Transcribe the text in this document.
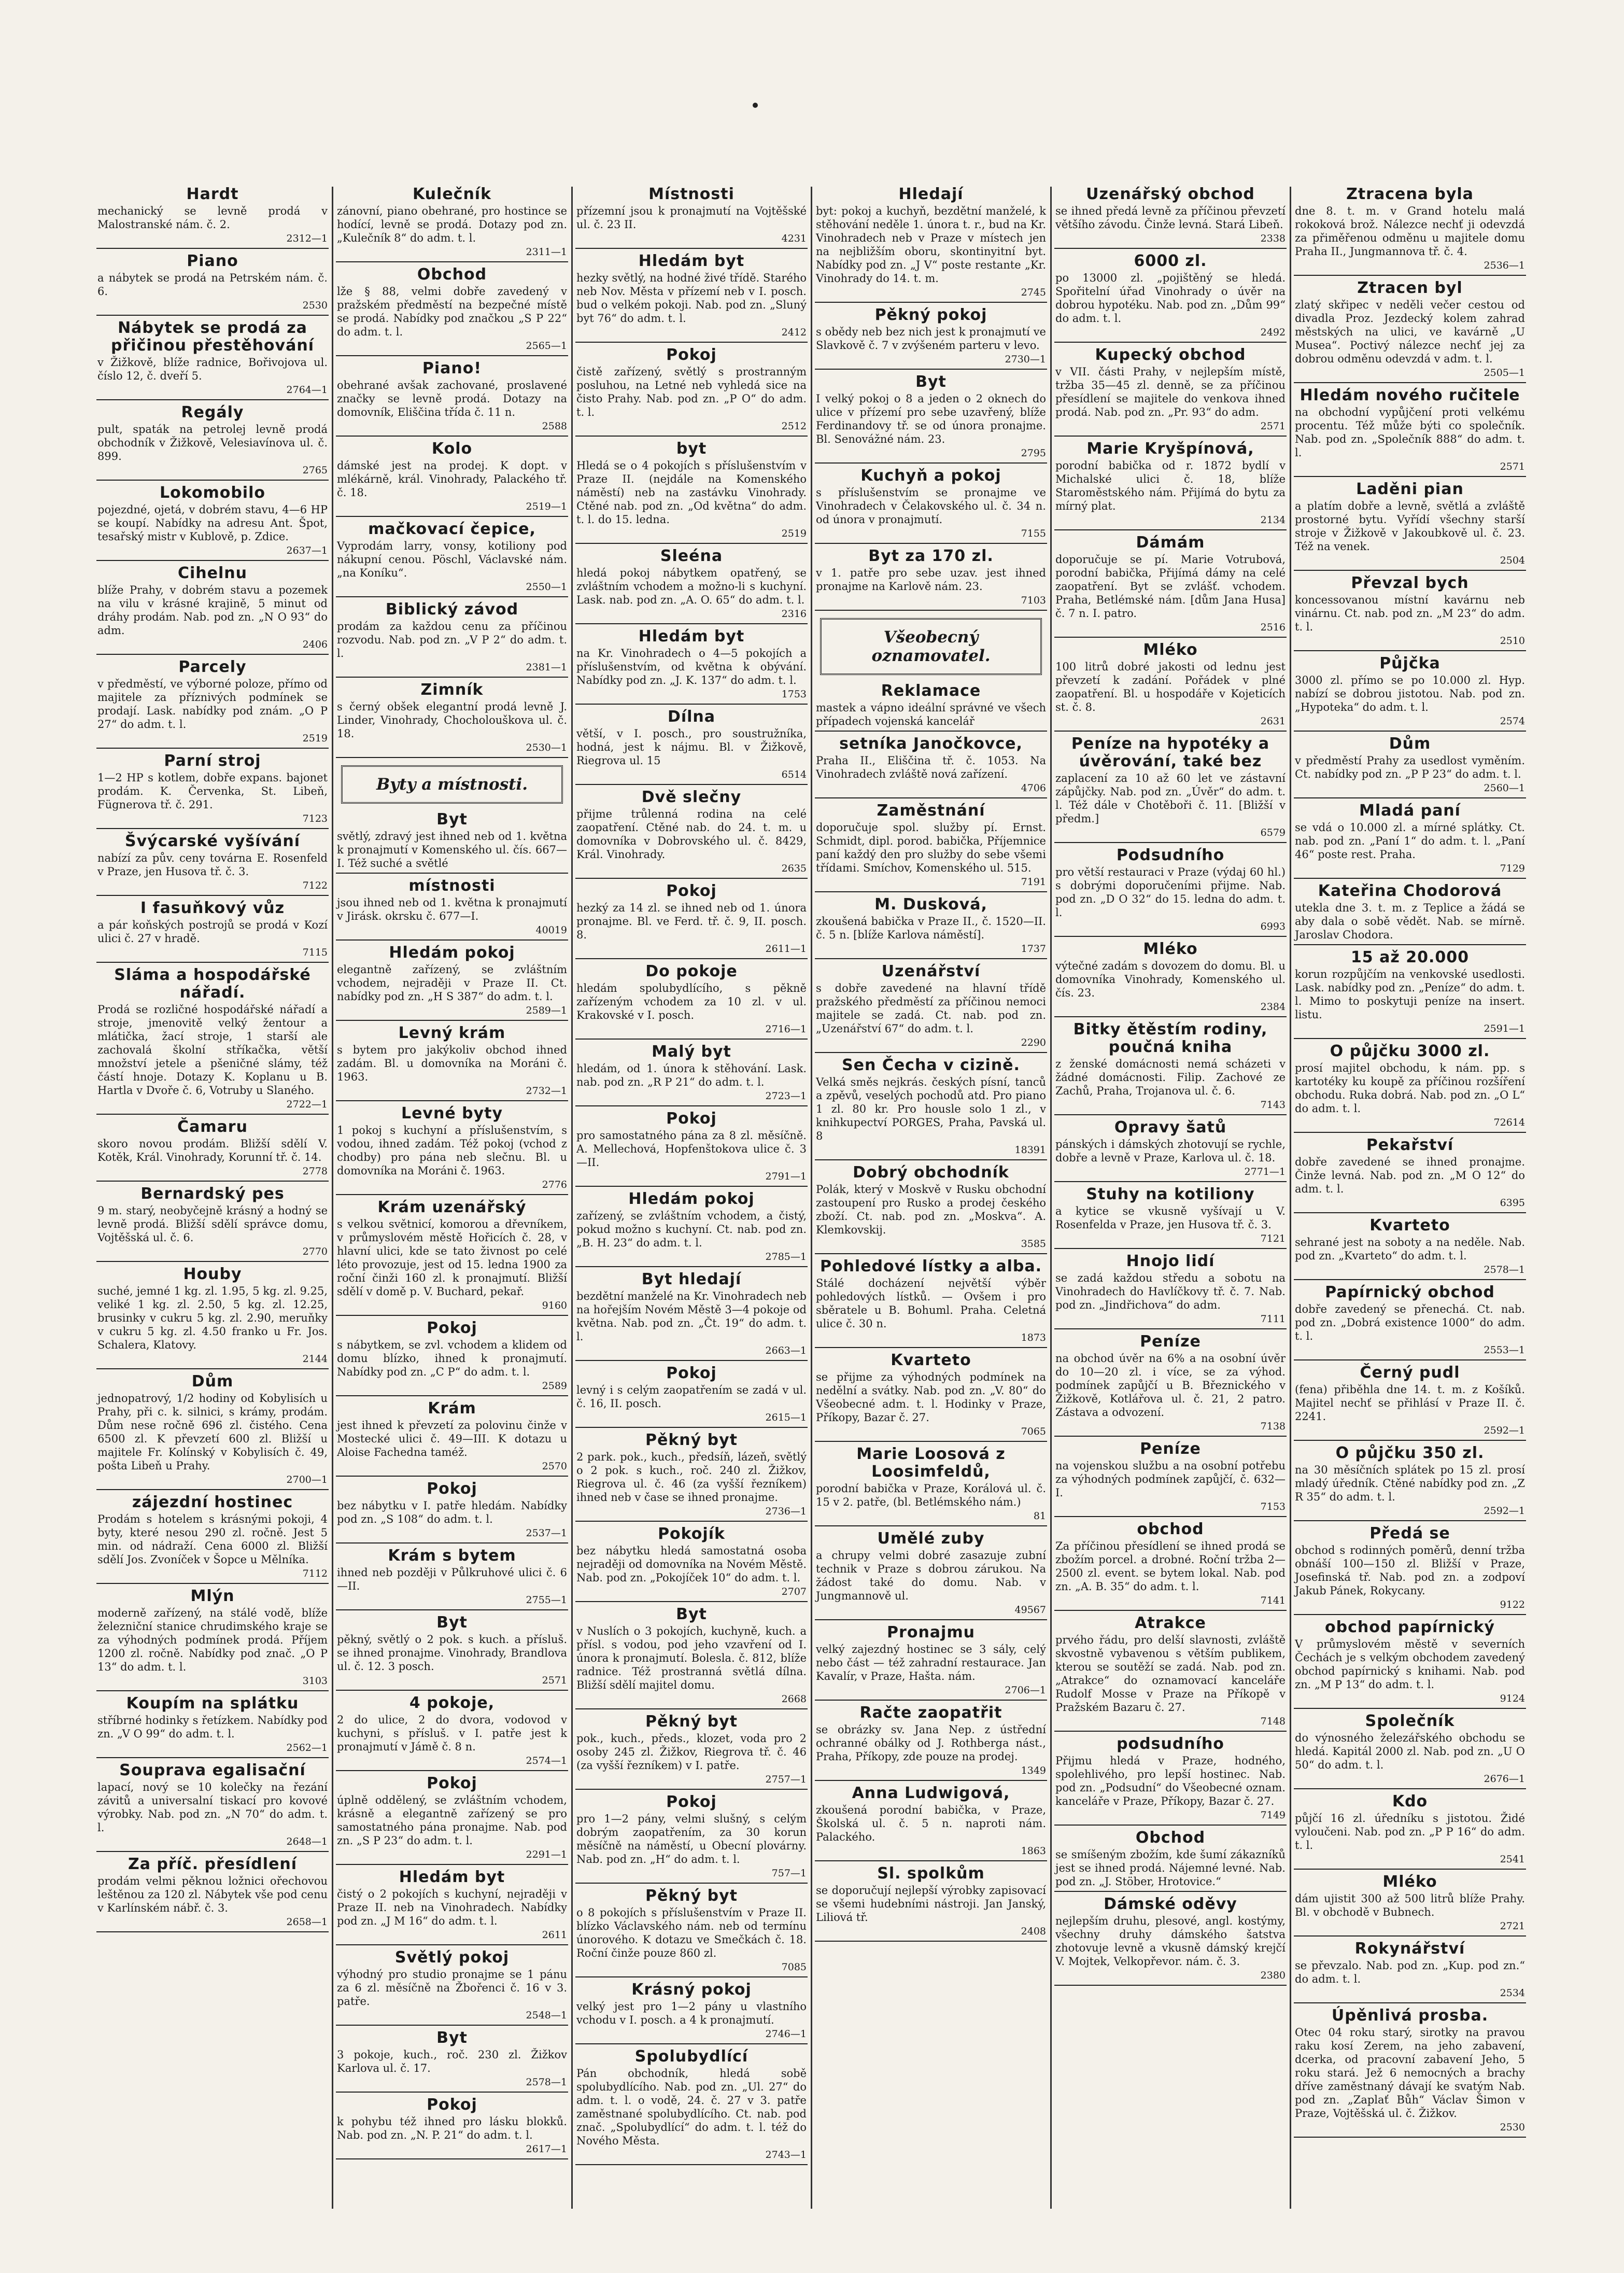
Hardt

mechanický se levně prodá v Malostranské nám. č. 2.

2312—1
Piano

a nábytek se prodá na Petrském nám. č. 6.

2530
Nábytek se prodá za přičinou přestěhování

v Žižkově, blíže radnice, Bořivojova ul. číslo 12, č. dveří 5.

2764—1
Regály

pult, spaták na petrolej levně prodá obchodník v Žižkově, Velesiavínova ul. č. 899.

2765
Lokomobilo

pojezdné, ojetá, v dobrém stavu, 4—6 HP se koupí. Nabídky na adresu Ant. Špot, tesařský mistr v Kublově, p. Zdice.

2637—1
Cihelnu

blíže Prahy, v dobrém stavu a pozemek na vilu v krásné krajině, 5 minut od dráhy prodám. Nab. pod zn. „N O 93“ do adm.

2406
Parcely

v předměstí, ve výborné poloze, přímo od majitele za příznivých podmínek se prodají. Lask. nabídky pod znám. „O P 27“ do adm. t. l.

2519
Parní stroj

1—2 HP s kotlem, dobře expans. bajonet prodám. K. Červenka, St. Libeň, Fügnerova tř. č. 291.

7123
Švýcarské vyšívání

nabízí za pův. ceny továrna E. Rosenfeld v Praze, jen Husova tř. č. 3.

7122
I fasuňkový vůz

a pár koňských postrojů se prodá v Kozí ulici č. 27 v hradě.

7115
Sláma a hospodářské nářadí.

Prodá se rozličné hospodářské nářadí a stroje, jmenovitě velký žentour a mlátička, žací stroje, 1 starší ale zachovalá školní stříkačka, větší množství jetele a pšeničné slámy, též částí hnoje. Dotazy K. Koplanu u B. Hartla v Dvoře č. 6, Votruby u Slaného.

2722—1
Čamaru

skoro novou prodám. Bližší sdělí V. Kotěk, Král. Vinohrady, Korunní tř. č. 14.

2778
Bernardský pes

9 m. starý, neobyčejně krásný a hodný se levně prodá. Bližší sdělí správce domu, Vojtěšská ul. č. 6.

2770
Houby

suché, jemné 1 kg. zl. 1.95, 5 kg. zl. 9.25, veliké 1 kg. zl. 2.50, 5 kg. zl. 12.25, brusinky v cukru 5 kg. zl. 2.90, meruňky v cukru 5 kg. zl. 4.50 franko u Fr. Jos. Schalera, Klatovy.

2144
Dům

jednopatrový, 1/2 hodiny od Kobylisích u Prahy, při c. k. silnici, s krámy, prodám. Dům nese ročně 696 zl. čistého. Cena 6500 zl. K převzetí 600 zl. Bližší u majitele Fr. Kolínský v Kobylisích č. 49, pošta Libeň u Prahy.

2700—1
zájezdní hostinec

Prodám s hotelem s krásnými pokoji, 4 byty, které nesou 290 zl. ročně. Jest 5 min. od nádraží. Cena 6000 zl. Bližší sdělí Jos. Zvoníček v Šopce u Mělníka.

7112
Mlýn

moderně zařízený, na stálé vodě, blíže železniční stanice chrudimského kraje se za výhodných podmínek prodá. Příjem 1200 zl. ročně. Nabídky pod znač. „O P 13“ do adm. t. l.

3103
Koupím na splátku

stříbrné hodinky s řetízkem. Nabídky pod zn. „V O 99“ do adm. t. l.

2562—1
Souprava egalisační

lapací, nový se 10 kolečky na řezání závitů a universalní tiskací pro kovové výrobky. Nab. pod zn. „N 70“ do adm. t. l.

2648—1
Za příč. přesídlení

prodám velmi pěknou ložnici ořechovou leštěnou za 120 zl. Nábytek vše pod cenu v Karlínském nábř. č. 3.

2658—1
Kulečník

zánovní, piano obehrané, pro hostince se hodící, levně se prodá. Dotazy pod zn. „Kulečník 8“ do adm. t. l.

2311—1
Obchod

lže § 88, velmi dobře zavedený v pražském předměstí na bezpečné místě se prodá. Nabídky pod značkou „S P 22“ do adm. t. l.

2565—1
Piano!

obehrané avšak zachované, proslavené značky se levně prodá. Dotazy na domovník, Eliščina třída č. 11 n.

2588
Kolo

dámské jest na prodej. K dopt. v mlékárně, král. Vinohrady, Palackého tř. č. 18.

2519—1
mačkovací čepice,

Vyprodám larry, vonsy, kotiliony pod nákupní cenou. Pöschl, Václavské nám. „na Koníku“.

2550—1
Biblický závod

prodám za každou cenu za příčinou rozvodu. Nab. pod zn. „V P 2“ do adm. t. l.

2381—1
Zimník

s černý obšek elegantní prodá levně J. Linder, Vinohrady, Chocholouškova ul. č. 18.

2530—1
Byty a místnosti.
Byt

světlý, zdravý jest ihned neb od 1. května k pronajmutí v Komenského ul. čís. 667—I. Též suché a světlé

místnosti

jsou ihned neb od 1. května k pronajmutí v Jirásk. okrsku č. 677—I.

40019
Hledám pokoj

elegantně zařízený, se zvláštním vchodem, nejraději v Praze II. Ct. nabídky pod zn. „H S 387“ do adm. t. l.

2589—1
Levný krám

s bytem pro jakýkoliv obchod ihned zadám. Bl. u domovníka na Moráni č. 1963.

2732—1
Levné byty

1 pokoj s kuchyní a příslušenstvím, s vodou, ihned zadám. Též pokoj (vchod z chodby) pro pána neb slečnu. Bl. u domovníka na Moráni č. 1963.

2776
Krám uzenářský

s velkou světnicí, komorou a dřevníkem, v průmyslovém městě Hořicích č. 28, v hlavní ulici, kde se tato živnost po celé léto provozuje, jest od 15. ledna 1900 za roční činži 160 zl. k pronajmutí. Bližší sdělí v domě p. V. Buchard, pekař.

9160
Pokoj

s nábytkem, se zvl. vchodem a klidem od domu blízko, ihned k pronajmutí. Nabídky pod zn. „C P“ do adm. t. l.

2589
Krám

jest ihned k převzetí za polovinu činže v Mostecké ulici č. 49—III. K dotazu u Aloise Fachedna taméž.

2570
Pokoj

bez nábytku v I. patře hledám. Nabídky pod zn. „S 108“ do adm. t. l.

2537—1
Krám s bytem

ihned neb později v Půlkruhové ulici č. 6—II.

2755—1
Byt

pěkný, světlý o 2 pok. s kuch. a přísluš. se ihned pronajme. Vinohrady, Brandlova ul. č. 12. 3 posch.

2571
4 pokoje,

2 do ulice, 2 do dvora, vodovod v kuchyni, s přísluš. v I. patře jest k pronajmutí v Jámě č. 8 n.

2574—1
Pokoj

úplně oddělený, se zvláštním vchodem, krásně a elegantně zařízený se pro samostatného pána pronajme. Nab. pod zn. „S P 23“ do adm. t. l.

2291—1
Hledám byt

čistý o 2 pokojích s kuchyní, nejraději v Praze II. neb na Vinohradech. Nabídky pod zn. „J M 16“ do adm. t. l.

2611
Světlý pokoj

výhodný pro studio pronajme se 1 pánu za 6 zl. měsíčně na Žbořenci č. 16 v 3. patře.

2548—1
Byt

3 pokoje, kuch., roč. 230 zl. Žižkov Karlova ul. č. 17.

2578—1
Pokoj

k pohybu též ihned pro lásku blokků. Nab. pod zn. „N. P. 21“ do adm. t. l.

2617—1
Místnosti

přízemní jsou k pronajmutí na Vojtěšské ul. č. 23 II.

4231
Hledám byt

hezky světlý, na hodné živé třídě. Starého neb Nov. Města v přízemí neb v I. posch. bud o velkém pokoji. Nab. pod zn. „Sluný byt 76“ do adm. t. l.

2412
Pokoj

čistě zařízený, světlý s prostranným posluhou, na Letné neb vyhledá sice na čisto Prahy. Nab. pod zn. „P O“ do adm. t. l.

2512
byt

Hledá se o 4 pokojích s příslušenstvím v Praze II. (nejdále na Komenského náměstí) neb na zastávku Vinohrady. Ctěné nab. pod zn. „Od května“ do adm. t. l. do 15. ledna.

2519
Sleéna

hledá pokoj nábytkem opatřený, se zvláštním vchodem a možno-li s kuchyní. Lask. nab. pod zn. „A. O. 65“ do adm. t. l.

2316
Hledám byt

na Kr. Vinohradech o 4—5 pokojích a příslušenstvím, od května k obývání. Nabídky pod zn. „J. K. 137“ do adm. t. l.

1753
Dílna

větší, v I. posch., pro soustružníka, hodná, jest k nájmu. Bl. v Žižkově, Riegrova ul. 15

6514
Dvě slečny

přijme trůlenná rodina na celé zaopatření. Ctěné nab. do 24. t. m. u domovníka v Dobrovského ul. č. 8429, Král. Vinohrady.

2635
Pokoj

hezký za 14 zl. se ihned neb od 1. února pronajme. Bl. ve Ferd. tř. č. 9, II. posch. 8.

2611—1
Do pokoje

hledám spolubydlícího, s pěkně zařízeným vchodem za 10 zl. v ul. Krakovské v I. posch.

2716—1
Malý byt

hledám, od 1. února k stěhování. Lask. nab. pod zn. „R P 21“ do adm. t. l.

2723—1
Pokoj

pro samostatného pána za 8 zl. měsíčně. A. Mellechová, Hopfenštokova ulice č. 3—II.

2791—1
Hledám pokoj

zařízený, se zvláštním vchodem, a čistý, pokud možno s kuchyní. Ct. nab. pod zn. „B. H. 23“ do adm. t. l.

2785—1
Byt hledají

bezdětní manželé na Kr. Vinohradech neb na hořejším Novém Městě 3—4 pokoje od května. Nab. pod zn. „Čt. 19“ do adm. t. l.

2663—1
Pokoj

levný i s celým zaopatřením se zadá v ul. č. 16, II. posch.

2615—1
Pěkný byt

2 park. pok., kuch., předsíň, lázeň, světlý o 2 pok. s kuch., roč. 240 zl. Žižkov, Riegrova ul. č. 46 (za vyšší řezníkem) ihned neb v čase se ihned pronajme.

2736—1
Pokojík

bez nábytku hledá samostatná osoba nejraději od domovníka na Novém Městě. Nab. pod zn. „Pokojíček 10“ do adm. t. l.

2707
Byt

v Nuslích o 3 pokojích, kuchyně, kuch. a přísl. s vodou, pod jeho vzavření od I. února k pronajmutí. Bolesla. č. 812, blíže radnice. Též prostranná světlá dílna. Bližší sdělí majitel domu.

2668
Pěkný byt

pok., kuch., předs., klozet, voda pro 2 osoby 245 zl. Žižkov, Riegrova tř. č. 46 (za vyšší řezníkem) v I. patře.

2757—1
Pokoj

pro 1—2 pány, velmi slušný, s celým dobrým zaopatřením, za 30 korun měsíčně na náměstí, u Obecní plovárny. Nab. pod zn. „H“ do adm. t. l.

757—1
Pěkný byt

o 8 pokojích s příslušenstvím v Praze II. blízko Václavského nám. neb od termínu únorového. K dotazu ve Smečkách č. 18. Roční činže pouze 860 zl.

7085
Krásný pokoj

velký jest pro 1—2 pány u vlastního vchodu v I. posch. a 4 k pronajmutí.

2746—1
Spolubydlící

Pán obchodník, hledá sobě spolubydlícího. Nab. pod zn. „Ul. 27“ do adm. t. l. o vodě, 24. č. 27 v 3. patře zaměstnané spolubydlícího. Ct. nab. pod znač. „Spolubydlící“ do adm. t. l. též do Nového Města.

2743—1
Hledají

byt: pokoj a kuchyň, bezdětní manželé, k stěhování neděle 1. února t. r., bud na Kr. Vinohradech neb v Praze v místech jen na nejbližším oboru, skontinyitní byt. Nabídky pod zn. „J V“ poste restante „Kr. Vinohrady do 14. t. m.

2745
Pěkný pokoj

s obědy neb bez nich jest k pronajmutí ve Slavkově č. 7 v zvýšeném parteru v levo.

2730—1
Byt

I velký pokoj o 8 a jeden o 2 oknech do ulice v přízemí pro sebe uzavřený, blíže Ferdinandovy tř. se od února pronajme. Bl. Senovážné nám. 23.

2795
Kuchyň a pokoj

s příslušenstvím se pronajme ve Vinohradech v Čelakovského ul. č. 34 n. od února v pronajmutí.

7155
Byt za 170 zl.

v 1. patře pro sebe uzav. jest ihned pronajme na Karlově nám. 23.

7103
Všeobecný oznamovatel.
Reklamace

mastek a vápno ideální správné ve všech případech vojenská kancelář

setníka Janočkovce,

Praha II., Eliščina tř. č. 1053. Na Vinohradech zvláště nová zařízení.

4706
Zaměstnání

doporučuje spol. služby pí. Ernst. Schmidt, dipl. porod. babička, Příjemnice paní každý den pro služby do sebe všemi třídami. Smíchov, Komenského ul. 515.

7191
M. Dusková,

zkoušená babička v Praze II., č. 1520—II. č. 5 n. [blíže Karlova náměstí].

1737
Uzenářství

s dobře zavedené na hlavní třídě pražského předměstí za příčinou nemoci majitele se zadá. Ct. nab. pod zn. „Uzenářství 67“ do adm. t. l.

2290
Sen Čecha v cizině.

Velká směs nejkrás. českých písní, tanců a zpěvů, veselých pochodů atd. Pro piano 1 zl. 80 kr. Pro housle solo 1 zl., v knihkupectví PORGES, Praha, Pavská ul. 8

18391
Dobrý obchodník

Polák, který v Moskvě v Rusku obchodní zastoupení pro Rusko a prodej českého zboží. Ct. nab. pod zn. „Moskva“. A. Klemkovskij.

3585
Pohledové lístky a alba.

Stálé docházení největší výběr pohledových lístků. — Ovšem i pro sběratele u B. Bohuml. Praha. Celetná ulice č. 30 n.

1873
Kvarteto

se přijme za výhodných podmínek na nedělní a svátky. Nab. pod zn. „V. 80“ do Všeobecné adm. t. l. Hodinky v Praze, Příkopy, Bazar č. 27.

7065
Marie Loosová z Loosimfeldů,

porodní babička v Praze, Korálová ul. č. 15 v 2. patře, (bl. Betlémského nám.)

81
Umělé zuby

a chrupy velmi dobré zasazuje zubní technik v Praze s dobrou zárukou. Na žádost také do domu. Nab. v Jungmannově ul.

49567
Pronajmu

velký zajezdný hostinec se 3 sály, celý nebo část — též zahradní restaurace. Jan Kavalír, v Praze, Hašta. nám.

2706—1
Račte zaopatřit

se obrázky sv. Jana Nep. z ústřední ochranné obálky od J. Rothberga nást., Praha, Příkopy, zde pouze na prodej.

1349
Anna Ludwigová,

zkoušená porodní babička, v Praze, Školská ul. č. 5 n. naproti nám. Palackého.

1863
Sl. spolkům

se doporučují nejlepší výrobky zapisovací se všemi hudebními nástroji. Jan Janský, Liliová tř.

2408
Uzenářský obchod

se ihned předá levně za příčinou převzetí většího závodu. Činže levná. Stará Libeň.

2338
6000 zl.

po 13000 zl. „pojištěný se hledá. Spořitelní úřad Vinohrady o úvěr na dobrou hypotéku. Nab. pod zn. „Dům 99“ do adm. t. l.

2492
Kupecký obchod

v VII. části Prahy, v nejlepším místě, tržba 35—45 zl. denně, se za příčinou přesídlení se majitele do venkova ihned prodá. Nab. pod zn. „Pr. 93“ do adm.

2571
Marie Kryšpínová,

porodní babička od r. 1872 bydlí v Michalské ulici č. 18, blíže Staroměstského nám. Přijímá do bytu za mírný plat.

2134
Dámám

doporučuje se pí. Marie Votrubová, porodní babička, Přijímá dámy na celé zaopatření. Byt se zvlášť. vchodem. Praha, Betlémské nám. [dům Jana Husa] č. 7 n. I. patro.

2516
Mléko

100 litrů dobré jakosti od lednu jest převzetí k zadání. Pořádek v plné zaopatření. Bl. u hospodáře v Kojeticích st. č. 8.

2631
Peníze na hypotéky a úvěrování, také bez

zaplacení za 10 až 60 let ve zástavní zápůjčky. Nab. pod zn. „Úvěr“ do adm. t. l. Též dále v Chotěboři č. 11. [Bližší v předm.]

6579
Podsudního

pro větší restauraci v Praze (výdaj 60 hl.) s dobrými doporučeními přijme. Nab. pod zn. „D O 32“ do 15. ledna do adm. t. l.

6993
Mléko

výtečné zadám s dovozem do domu. Bl. u domovníka Vinohrady, Komenského ul. čís. 23.

2384
Bitky ětěstím rodiny, poučná kniha

z ženské domácnosti nemá scházeti v žádné domácnosti. Filip. Zachové ze Zachů, Praha, Trojanova ul. č. 6.

7143
Opravy šatů

pánských i dámských zhotovují se rychle, dobře a levně v Praze, Karlova ul. č. 18.

2771—1
Stuhy na kotiliony

a kytice se vkusně vyšívají u V. Rosenfelda v Praze, jen Husova tř. č. 3.

7121
Hnojo lidí

se zadá každou středu a sobotu na Vinohradech do Havlíčkovy tř. č. 7. Nab. pod zn. „Jindřichova“ do adm.

7111
Peníze

na obchod úvěr na 6% a na osobní úvěr do 10—20 zl. i více, se za výhod. podmínek zapůjčí u B. Březnického v Žižkově, Kotlářova ul. č. 21, 2 patro. Zástava a odvození.

7138
Peníze

na vojenskou službu a na osobní potřebu za výhodných podmínek zapůjčí, č. 632—I.

7153
obchod

Za příčinou přesídlení se ihned prodá se zbožím porcel. a drobné. Roční tržba 2—2500 zl. event. se bytem lokal. Nab. pod zn. „A. B. 35“ do adm. t. l.

7141
Atrakce

prvého řádu, pro delší slavnosti, zvláště skvostně vybavenou s větším publikem, kterou se soutěží se zadá. Nab. pod zn. „Atrakce“ do oznamovací kanceláře Rudolf Mosse v Praze na Příkopě v Pražském Bazaru č. 27.

7148
podsudního

Přijmu hledá v Praze, hodného, spolehlivého, pro lepší hostinec. Nab. pod zn. „Podsudní“ do Všeobecné oznam. kanceláře v Praze, Příkopy, Bazar č. 27.

7149
Obchod

se smíšeným zbožím, kde šumí zákazníků jest se ihned prodá. Nájemné levné. Nab. pod zn. „J. Stöber, Hrotovice.“

Dámské oděvy

nejlepším druhu, plesové, angl. kostýmy, všechny druhy dámského šatstva zhotovuje levně a vkusně dámský krejčí V. Mojtek, Velkopřevor. nám. č. 3.

2380
Ztracena byla

dne 8. t. m. v Grand hotelu malá rokoková brož. Nálezce nechť ji odevzdá za přiměřenou odměnu u majitele domu Praha II., Jungmannova tř. č. 4.

2536—1
Ztracen byl

zlatý skřipec v neděli večer cestou od divadla Proz. Jezdecký kolem zahrad městských na ulici, ve kavárně „U Musea“. Poctivý nálezce nechť jej za dobrou odměnu odevzdá v adm. t. l.

2505—1
Hledám nového ručitele

na obchodní vypůjčení proti velkému procentu. Též může býti co společník. Nab. pod zn. „Společník 888“ do adm. t. l.

2571
Laděni pian

a platím dobře a levně, světlá a zvláště prostorné bytu. Vyřídí všechny starší stroje v Žižkově v Jakoubkově ul. č. 23. Též na venek.

2504
Převzal bych

koncessovanou místní kavárnu neb vinárnu. Ct. nab. pod zn. „M 23“ do adm. t. l.

2510
Půjčka

3000 zl. přímo se po 10.000 zl. Hyp. nabízí se dobrou jistotou. Nab. pod zn. „Hypoteka“ do adm. t. l.

2574
Dům

v předměstí Prahy za usedlost vyměním. Ct. nabídky pod zn. „P P 23“ do adm. t. l.

2560—1
Mladá paní

se vdá o 10.000 zl. a mírné splátky. Ct. nab. pod zn. „Paní 1“ do adm. t. l. „Paní 46“ poste rest. Praha.

7129
Kateřina Chodorová

utekla dne 3. t. m. z Teplice a žádá se aby dala o sobě vědět. Nab. se mírně. Jaroslav Chodora.

15 až 20.000

korun rozpůjčím na venkovské usedlosti. Lask. nabídky pod zn. „Peníze“ do adm. t. l. Mimo to poskytuji peníze na insert. listu.

2591—1
O půjčku 3000 zl.

prosí majitel obchodu, k nám. pp. s kartotéky ku koupě za příčinou rozšíření obchodu. Ruka dobrá. Nab. pod zn. „O L“ do adm. t. l.

72614
Pekařství

dobře zavedené se ihned pronajme. Činže levná. Nab. pod zn. „M O 12“ do adm. t. l.

6395
Kvarteto

sehrané jest na soboty a na neděle. Nab. pod zn. „Kvarteto“ do adm. t. l.

2578—1
Papírnický obchod

dobře zavedený se přenechá. Ct. nab. pod zn. „Dobrá existence 1000“ do adm. t. l.

2553—1
Černý pudl

(fena) přiběhla dne 14. t. m. z Košíků. Majitel nechť se přihlásí v Praze II. č. 2241.

2592—1
O půjčku 350 zl.

na 30 měsíčních splátek po 15 zl. prosí mladý úředník. Ctěné nabídky pod zn. „Z R 35“ do adm. t. l.

2592—1
Předá se

obchod s rodinných poměrů, denní tržba obnáší 100—150 zl. Bližší v Praze, Josefinská tř. Nab. pod zn. a zodpoví Jakub Pánek, Rokycany.

9122
obchod papírnický

V průmyslovém městě v severních Čechách je s velkým obchodem zavedený obchod papírnický s knihami. Nab. pod zn. „M P 13“ do adm. t. l.

9124
Společník

do výnosného železářského obchodu se hledá. Kapitál 2000 zl. Nab. pod zn. „U O 50“ do adm. t. l.

2676—1
Kdo

půjčí 16 zl. úředníku s jistotou. Židé vyloučeni. Nab. pod zn. „P P 16“ do adm. t. l.

2541
Mléko

dám ujistit 300 až 500 litrů blíže Prahy. Bl. v obchodě v Bubnech.

2721
Rokynářství

se převzalo. Nab. pod zn. „Kup. pod zn.“ do adm. t. l.

2534
Úpěnlivá prosba.

Otec 04 roku starý, sirotky na pravou raku kosí Zerem, na jeho zabavení, dcerka, od pracovní zabavení Jeho, 5 roku stará. Jež 6 nemocných a brachy dříve zaměstnaný dávají ke svatým Nab. pod zn. „Zaplať Bůh“ Václav Šimon v Praze, Vojtěšská ul. č. Žižkov.

2530
